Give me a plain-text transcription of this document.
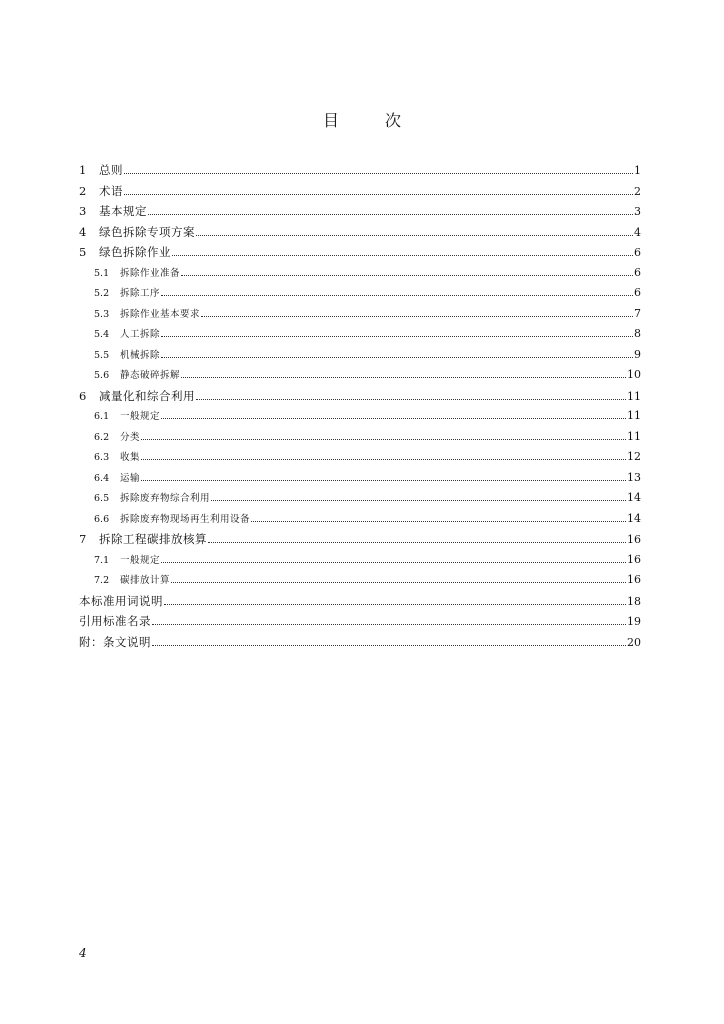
目	次
1	总则	1
2	术语	2
3	基本规定	3
4	绿色拆除专项方案	4
5	绿色拆除作业	6
5.1	拆除作业准备	6
5.2	拆除工序	6
5.3	拆除作业基本要求	7
5.4	人工拆除	8
5.5	机械拆除	9
5.6	静态破碎拆解	10
6	减量化和综合利用	11
6.1	一般规定	11
6.2	分类	11
6.3	收集	12
6.4	运输	13
6.5	拆除废弃物综合利用	14
6.6	拆除废弃物现场再生利用设备	14
7	拆除工程碳排放核算	16
7.1	一般规定	16
7.2	碳排放计算	16
本标准用词说明	18
引用标准名录	19
附：条文说明	20
4
